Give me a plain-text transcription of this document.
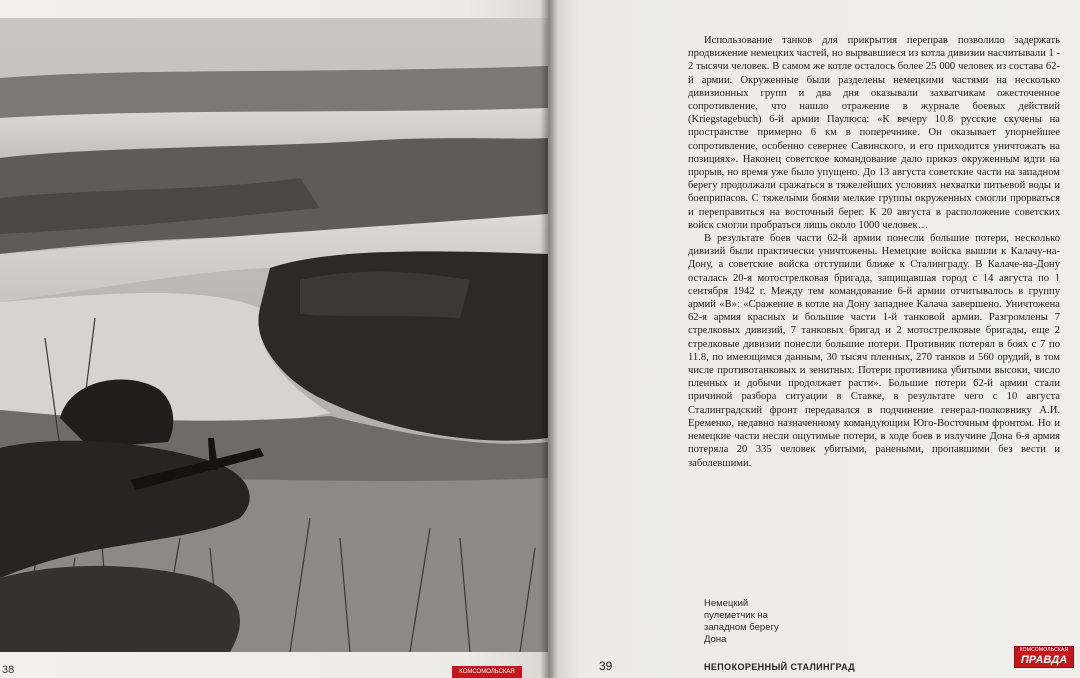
КОМСОМОЛЬСКАЯ
38

Использование танков для прикрытия переправ позволило задержать продвижение немецких частей, но вырвавшиеся из котла дивизии насчитывали 1 - 2 тысячи человек. В самом же котле осталось более 25 000 человек из состава 62-й армии. Окруженные были разделены немецкими частями на несколько дивизионных групп и два дня оказывали захватчикам ожесточенное сопротивление, что нашло отражение в журнале боевых действий (Kriegstagebuch) 6-й армии Паулюса: «К вечеру 10.8 русские скучены на пространстве примерно 6 км в поперечнике. Он оказывает упорнейшее сопротивление, особенно севернее Савинского, и его приходится уничтожать на позициях». Наконец советское командование дало приказ окруженным идти на прорыв, но время уже было упущено. До 13 августа советские части на западном берегу продолжали сражаться в тяжелейших условиях нехватки питьевой воды и боеприпасов. С тяжелыми боями мелкие группы окруженных смогли прорваться и переправиться на восточный берег. К 20 августа в расположение советских войск смогли пробраться лишь около 1000 человек…

В результате боев части 62-й армии понесли большие потери, несколько дивизий были практически уничтожены. Немецкие войска вышли к Калачу-на-Дону, а советские войска отступили ближе к Сталинграду. В Калаче-на-Дону осталась 20-я мотострелковая бригада, защищавшая город с 14 августа по 1 сентября 1942 г. Между тем командование 6-й армии отчитывалось в группу армий «B»: «Сражение в котле на Дону западнее Калача завершено. Уничтожена 62-я армия красных и большие части 1-й танковой армии. Разгромлены 7 стрелковых дивизий, 7 танковых бригад и 2 мотострелковые бригады, еще 2 стрелковые дивизии понесли большие потери. Противник потерял в боях с 7 по 11.8, по имеющимся данным, 30 тысяч пленных, 270 танков и 560 орудий, в том числе противотанковых и зенитных. Потери противника убитыми высоки, число пленных и добычи продолжает расти». Большие потери 62-й армии стали причиной разбора ситуации в Ставке, в результате чего с 10 августа Сталинградский фронт передавался в подчинение генерал-полковнику А.И. Еременко, недавно назначенному командующим Юго-Восточным фронтом. Но и немецкие части несли ощутимые потери, в ходе боев в излучине Дона 6-я армия потеряла 20 335 человек убитыми, ранеными, пропавшими без вести и заболевшими.

Немецкий
пулеметчик на
западном берегу
Дона
39	НЕПОКОРЕННЫЙ СТАЛИНГРАД
КОМСОМОЛЬСКАЯ
ПРАВДА
